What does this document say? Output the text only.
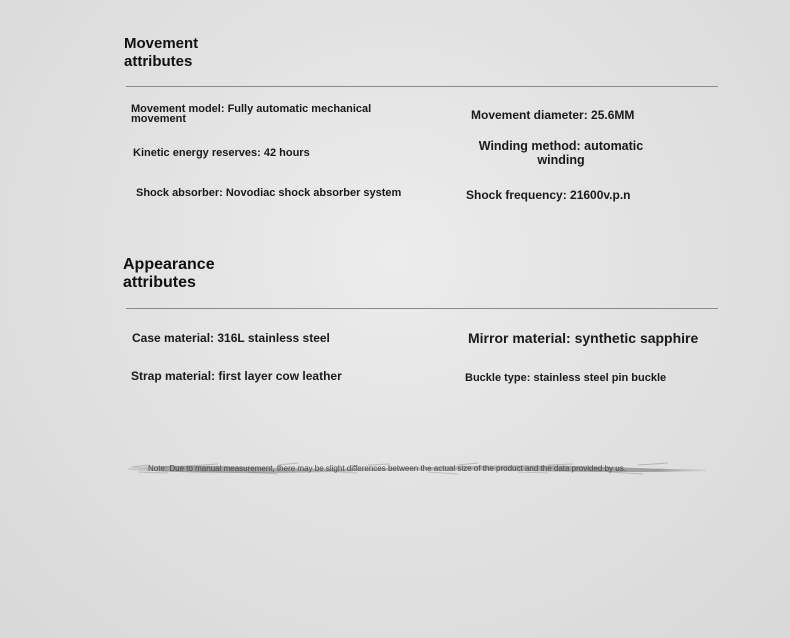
Movement attributes
Movement model: Fully automatic mechanical movement
Kinetic energy reserves: 42 hours
Shock absorber: Novodiac shock absorber system
Movement diameter: 25.6MM
Winding method: automatic winding
Shock frequency: 21600v.p.n
Appearance attributes
Case material: 316L stainless steel
Strap material: first layer cow leather
Mirror material: synthetic sapphire
Buckle type: stainless steel pin buckle
Note: Due to manual measurement, there may be slight differences between the actual size of the product and the data provided by us.
